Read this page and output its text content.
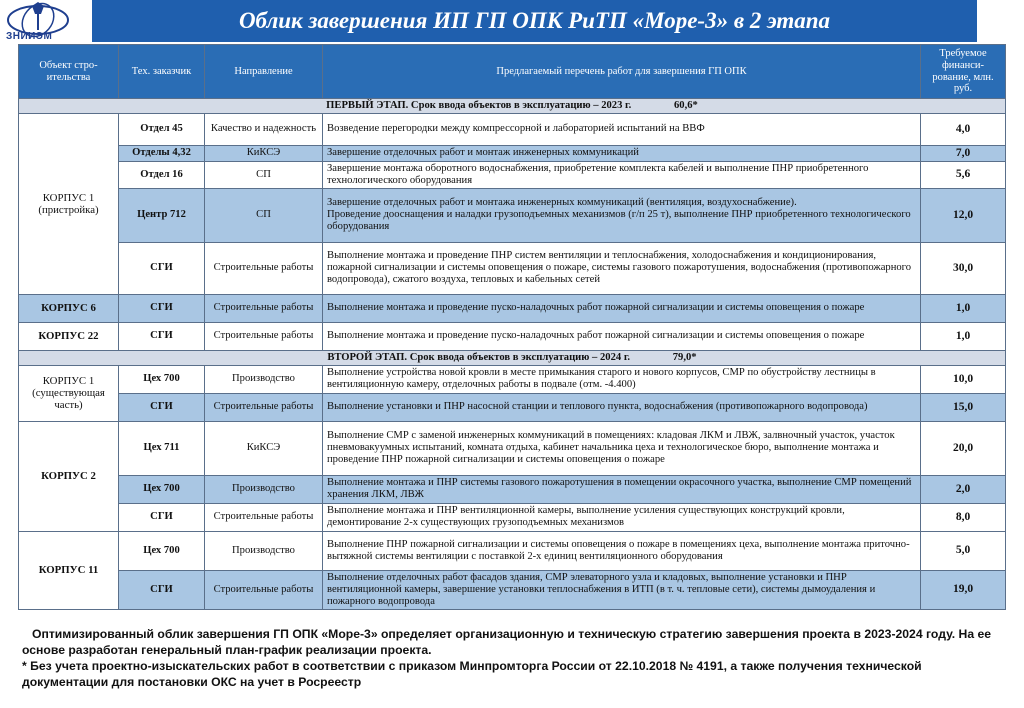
ЗНИИЭМ
Облик завершения ИП ГП ОПК РиТП «Море-3» в 2 этапа
Объект стро- ительства	Тех. заказчик	Направление	Предлагаемый перечень работ для завершения ГП ОПК	Требуемое финанси-рование, млн. руб.
ПЕРВЫЙ ЭТАП. Срок ввода объектов в эксплуатацию – 2023 г. 60,6*				

КОРПУС 1
(пристройка)	Отдел 45	Качество и надежность	Возведение перегородки между компрессорной и лабораторией испытаний на ВВФ	4,0
	Отделы 4,32	КиКСЭ	Завершение отделочных работ и монтаж инженерных коммуникаций	7,0
	Отдел 16	СП	Завершение монтажа оборотного водоснабжения, приобретение комплекта кабелей и выполнение ПНР приобретенного технологического оборудования	5,6
	Центр 712	СП	Завершение отделочных работ и монтажа инженерных коммуникаций (вентиляция, воздухоснабжение).
Проведение дооснащения и наладки грузоподъемных механизмов (г/п 25 т), выполнение ПНР приобретенного технологического оборудования	12,0
	СГИ	Строительные работы	Выполнение монтажа и проведение ПНР систем вентиляции и теплоснабжения, холодоснабжения и кондиционирования, пожарной сигнализации и системы оповещения о пожаре, системы газового пожаротушения, водоснабжения (противопожарного водопровода), сжатого воздуха, тепловых и кабельных сетей	30,0
КОРПУС 6	СГИ	Строительные работы	Выполнение монтажа и проведение пуско-наладочных работ пожарной сигнализации и системы оповещения о пожаре	1,0
КОРПУС 22	СГИ	Строительные работы	Выполнение монтажа и проведение пуско-наладочных работ пожарной сигнализации и системы оповещения о пожаре	1,0
ВТОРОЙ ЭТАП. Срок ввода объектов в эксплуатацию – 2024 г. 79,0*				

КОРПУС 1
(существующая часть)	Цех 700	Производство	Выполнение устройства новой кровли в месте примыкания старого и нового корпусов, СМР по обустройству лестницы в вентиляционную камеру, отделочных работы в подвале (отм. -4.400)	10,0
	СГИ	Строительные работы	Выполнение установки и ПНР насосной станции и теплового пункта, водоснабжения (противопожарного водопровода)	15,0
КОРПУС 2	Цех 711	КиКСЭ	Выполнение СМР с заменой инженерных коммуникаций в помещениях: кладовая ЛКМ и ЛВЖ, залвночный участок, участок пневмовакуумных испытаний, комната отдыха, кабинет начальника цеха и технологическое бюро, выполнение монтажа и проведение ПНР пожарной сигнализации и системы оповещения о пожаре	20,0
	Цех 700	Производство	Выполнение монтажа и ПНР системы газового пожаротушения в помещении окрасочного участка, выполнение СМР помещений хранения ЛКМ, ЛВЖ	2,0
	СГИ	Строительные работы	Выполнение монтажа и ПНР вентиляционной камеры, выполнение усиления существующих конструкций кровли, демонтирование 2-х существующих грузоподъемных механизмов	8,0
КОРПУС 11	Цех 700	Производство	Выполнение ПНР пожарной сигнализации и системы оповещения о пожаре в помещениях цеха, выполнение монтажа приточно-вытяжной системы вентиляции с поставкой 2-х единиц вентиляционного оборудования	5,0
	СГИ	Строительные работы	Выполнение отделочных работ фасадов здания, СМР элеваторного узла и кладовых, выполнение установки и ПНР вентиляционной камеры, завершение установки теплоснабжения в ИТП (в т. ч. тепловые сети), системы дымоудаления и пожарного водопровода	19,0

Оптимизированный облик завершения ГП ОПК «Море-3» определяет организационную и техническую стратегию завершения проекта в 2023-2024 году. На ее основе разработан генеральный план-график реализации проекта.

* Без учета проектно-изыскательских работ в соответствии с приказом Минпромторга России от 22.10.2018 № 4191, а также получения технической документации для постановки ОКС на учет в Росреестр
